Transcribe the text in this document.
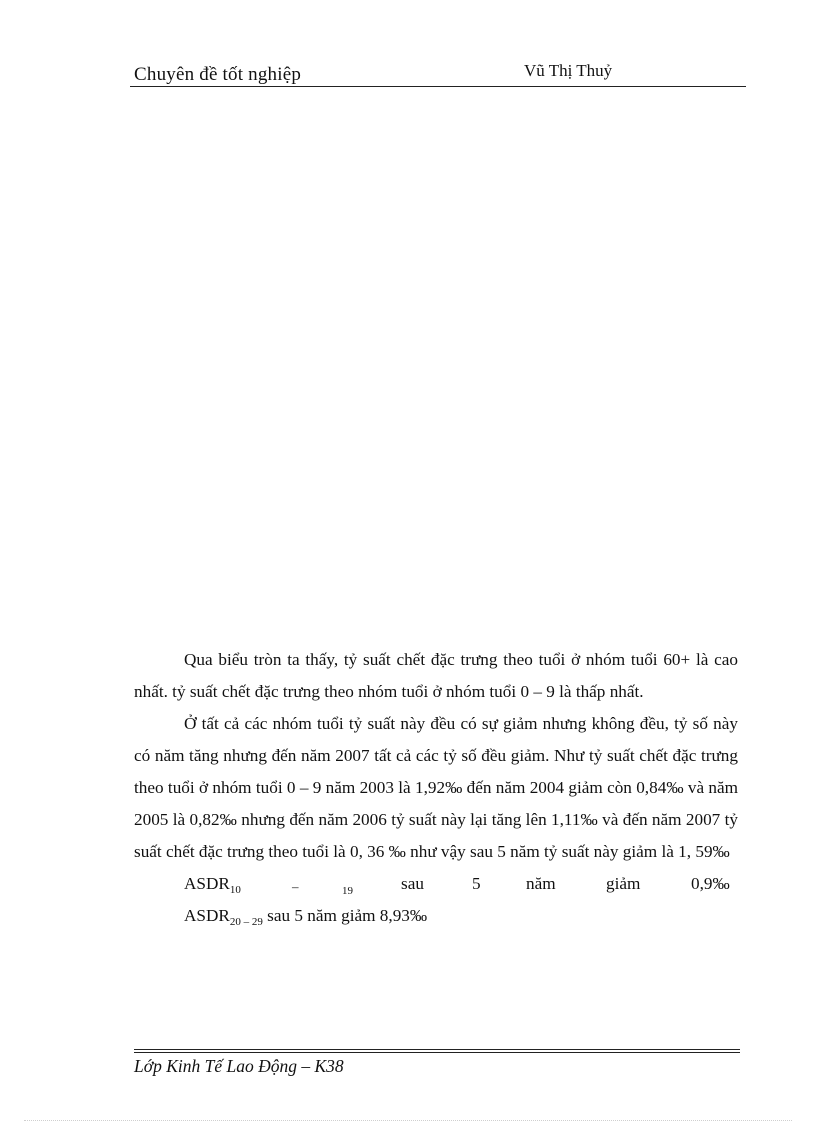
Chuyên đề tốt nghiệp	Vũ Thị Thuỷ

Qua biểu tròn ta thấy, tỷ suất chết đặc trưng theo tuổi ở nhóm tuổi 60+ là cao nhất. tỷ suất chết đặc trưng theo nhóm tuổi ở nhóm tuổi 0 – 9 là thấp nhất.

Ở tất cả các nhóm tuổi tỷ suất này đều có sự giảm nhưng không đều, tỷ số này có năm tăng nhưng đến năm 2007 tất cả các tỷ số đều giảm. Như tỷ suất chết đặc trưng theo tuổi ở nhóm tuổi 0 – 9 năm 2003 là 1,92‰ đến năm 2004 giảm còn 0,84‰ và năm 2005 là 0,82‰ nhưng đến năm 2006 tỷ suất này lại tăng lên 1,11‰ và đến năm 2007 tỷ suất chết đặc trưng theo tuổi là 0, 36 ‰ như vậy sau 5 năm tỷ suất này giảm là 1, 59‰

$ASDR_{10}$	–	19	sau	5	năm	giảm	0,9‰
$ASDR_{20 - 29}$ sau 5 năm giảm 8,93‰
Lớp Kinh Tế Lao Động – K38
